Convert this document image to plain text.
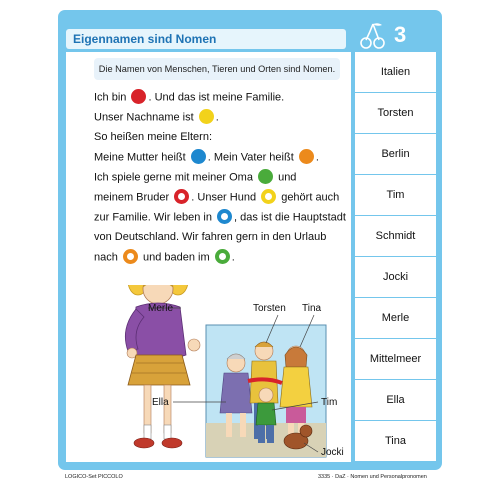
Eigennamen sind Nomen	3
Die Namen von Menschen, Tieren und Orten sind Nomen.
Ich bin . Und das ist meine Familie.
Unser Nachname ist .
So heißen meine Eltern:
Meine Mutter heißt . Mein Vater heißt .
Ich spiele gerne mit meiner Oma  und
meinem Bruder . Unser Hund  gehört auch
zur Familie. Wir leben in , das ist die Hauptstadt
von Deutschland. Wir fahren gern in den Urlaub
nach  und baden im .
Italien
Torsten
Berlin
Tim
Schmidt
Jocki
Merle
Mittelmeer
Ella
Tina
Merle	Torsten Tina
Ella	Tim
Jocki
LOGICO-Set PICCOLO	3335 · DaZ · Nomen und Personalpronomen
